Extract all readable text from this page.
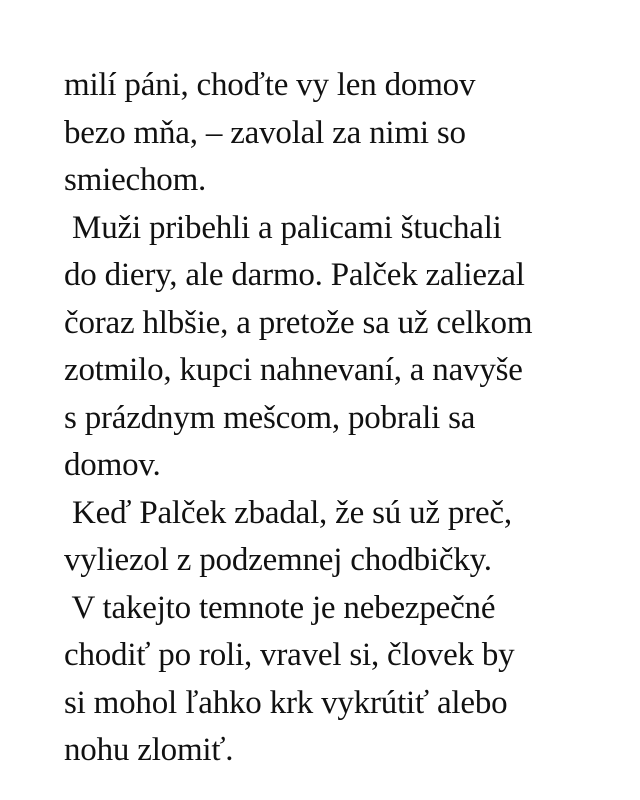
milí páni, choďte vy len domov
bezo mňa, – zavolal za nimi so
smiechom.
Muži pribehli a palicami štuchali
do diery, ale darmo. Palček zaliezal
čoraz hlbšie, a pretože sa už celkom
zotmilo, kupci nahnevaní, a navyše
s prázdnym mešcom, pobrali sa
domov.
Keď Palček zbadal, že sú už preč,
vyliezol z podzemnej chodbičky.
V takejto temnote je nebezpečné
chodiť po roli, vravel si, človek by
si mohol ľahko krk vykrútiť alebo
nohu zlomiť.
